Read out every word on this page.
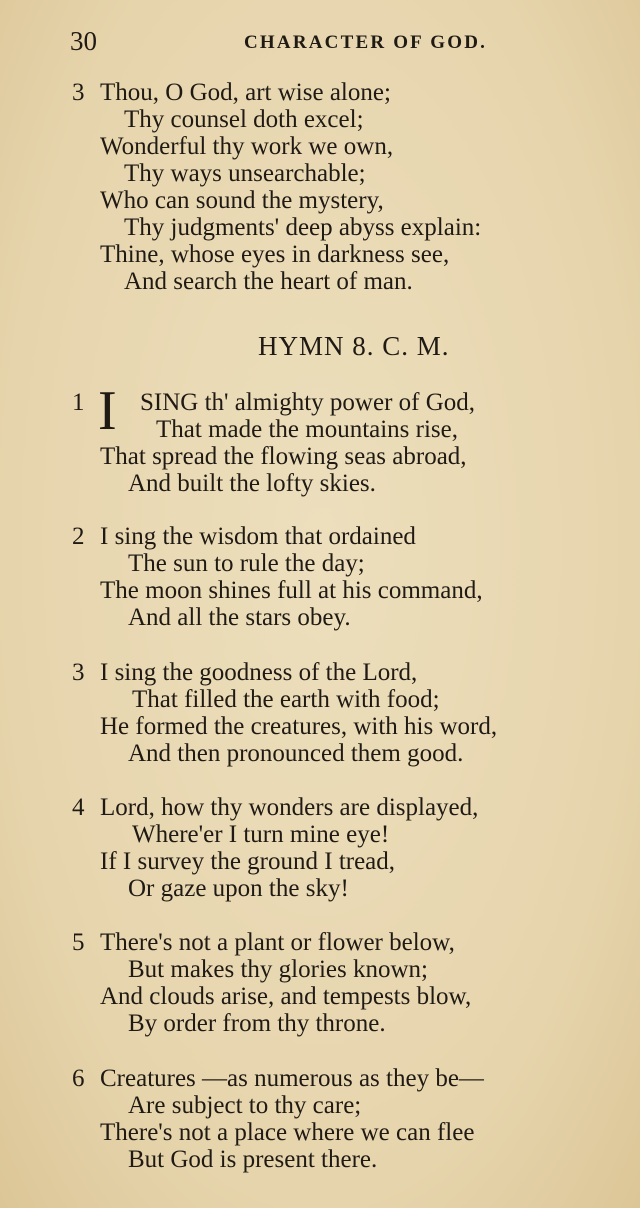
30	CHARACTER OF GOD.
3 Thou, O God, art wise alone;
Thy counsel doth excel;
Wonderful thy work we own,
Thy ways unsearchable;
Who can sound the mystery,
Thy judgments' deep abyss explain:
Thine, whose eyes in darkness see,
And search the heart of man.
HYMN 8. C. M.
1 I SING th' almighty power of God,
That made the mountains rise,
That spread the flowing seas abroad,
And built the lofty skies.
2 I sing the wisdom that ordained
The sun to rule the day;
The moon shines full at his command,
And all the stars obey.
3 I sing the goodness of the Lord,
That filled the earth with food;
He formed the creatures, with his word,
And then pronounced them good.
4 Lord, how thy wonders are displayed,
Where'er I turn mine eye!
If I survey the ground I tread,
Or gaze upon the sky!
5 There's not a plant or flower below,
But makes thy glories known;
And clouds arise, and tempests blow,
By order from thy throne.
6 Creatures —as numerous as they be—
Are subject to thy care;
There's not a place where we can flee
But God is present there.
